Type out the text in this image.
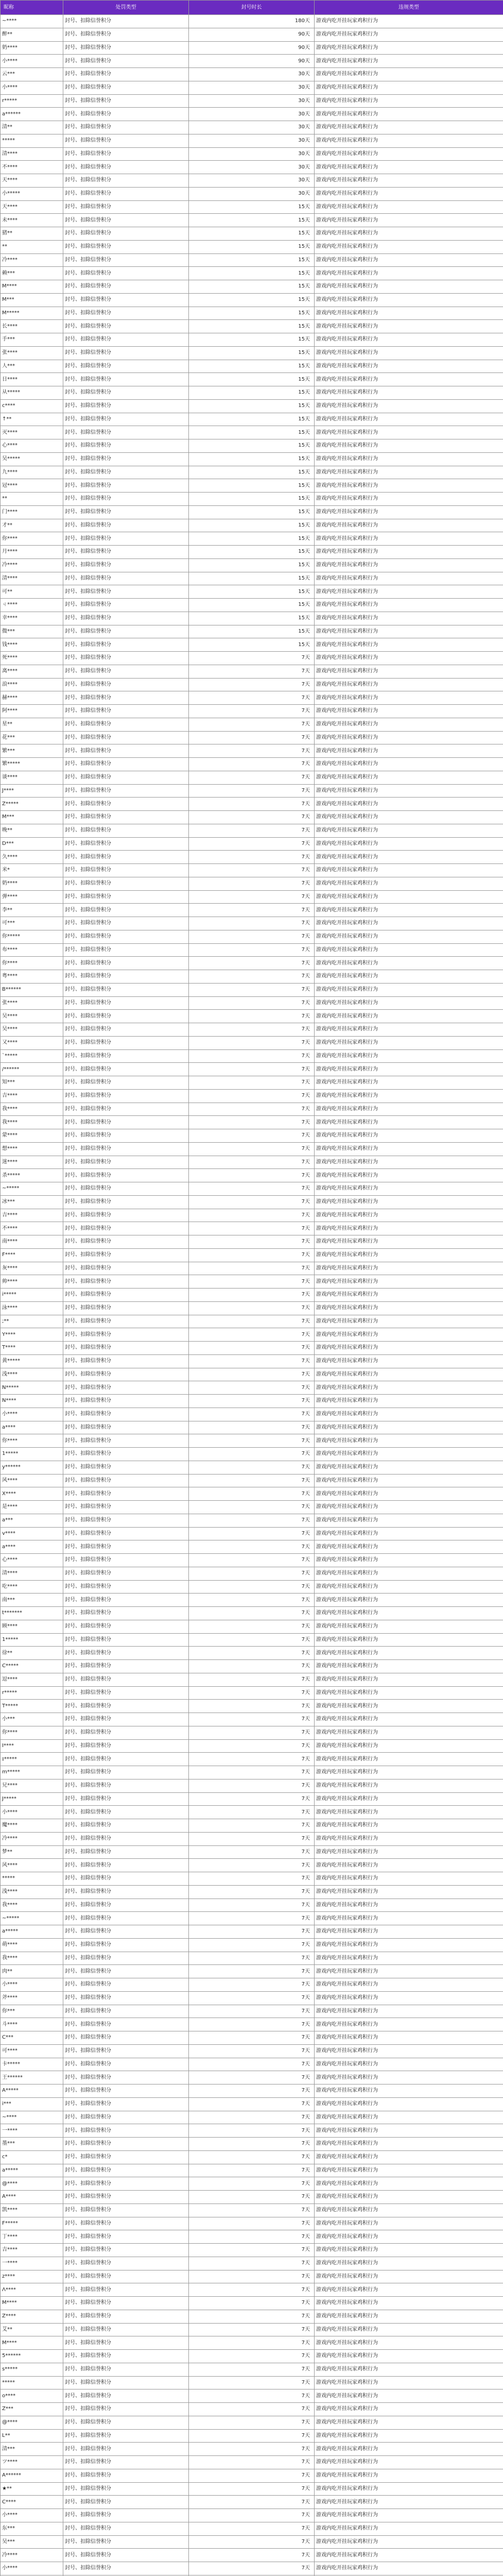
昵称	处罚类型	封号时长	违规类型
~****	封号、扣除信誉积分	180天	游戏内吃开挂玩家鸡积行为
醉**	封号、扣除信誉积分	90天	游戏内吃开挂玩家鸡积行为
奶****	封号、扣除信誉积分	90天	游戏内吃开挂玩家鸡积行为
小****	封号、扣除信誉积分	90天	游戏内吃开挂玩家鸡积行为
云***	封号、扣除信誉积分	30天	游戏内吃开挂玩家鸡积行为
小****	封号、扣除信誉积分	30天	游戏内吃开挂玩家鸡积行为
r*****	封号、扣除信誉积分	30天	游戏内吃开挂玩家鸡积行为
a******	封号、扣除信誉积分	30天	游戏内吃开挂玩家鸡积行为
清**	封号、扣除信誉积分	30天	游戏内吃开挂玩家鸡积行为
*****	封号、扣除信誉积分	30天	游戏内吃开挂玩家鸡积行为
清****	封号、扣除信誉积分	30天	游戏内吃开挂玩家鸡积行为
不****	封号、扣除信誉积分	30天	游戏内吃开挂玩家鸡积行为
天****	封号、扣除信誉积分	30天	游戏内吃开挂玩家鸡积行为
小*****	封号、扣除信誉积分	30天	游戏内吃开挂玩家鸡积行为
天****	封号、扣除信誉积分	15天	游戏内吃开挂玩家鸡积行为
未****	封号、扣除信誉积分	15天	游戏内吃开挂玩家鸡积行为
猪**	封号、扣除信誉积分	15天	游戏内吃开挂玩家鸡积行为
**	封号、扣除信誉积分	15天	游戏内吃开挂玩家鸡积行为
冷****	封号、扣除信誉积分	15天	游戏内吃开挂玩家鸡积行为
赖***	封号、扣除信誉积分	15天	游戏内吃开挂玩家鸡积行为
M****	封号、扣除信誉积分	15天	游戏内吃开挂玩家鸡积行为
M***	封号、扣除信誉积分	15天	游戏内吃开挂玩家鸡积行为
M*****	封号、扣除信誉积分	15天	游戏内吃开挂玩家鸡积行为
长****	封号、扣除信誉积分	15天	游戏内吃开挂玩家鸡积行为
手***	封号、扣除信誉积分	15天	游戏内吃开挂玩家鸡积行为
张****	封号、扣除信誉积分	15天	游戏内吃开挂玩家鸡积行为
人***	封号、扣除信誉积分	15天	游戏内吃开挂玩家鸡积行为
日****	封号、扣除信誉积分	15天	游戏内吃开挂玩家鸡积行为
从*****	封号、扣除信誉积分	15天	游戏内吃开挂玩家鸡积行为
c****	封号、扣除信誉积分	15天	游戏内吃开挂玩家鸡积行为
↑**	封号、扣除信誉积分	15天	游戏内吃开挂玩家鸡积行为
灭****	封号、扣除信誉积分	15天	游戏内吃开挂玩家鸡积行为
心****	封号、扣除信誉积分	15天	游戏内吃开挂玩家鸡积行为
吴*****	封号、扣除信誉积分	15天	游戏内吃开挂玩家鸡积行为
九****	封号、扣除信誉积分	15天	游戏内吃开挂玩家鸡积行为
冠****	封号、扣除信誉积分	15天	游戏内吃开挂玩家鸡积行为
**	封号、扣除信誉积分	15天	游戏内吃开挂玩家鸡积行为
门****	封号、扣除信誉积分	15天	游戏内吃开挂玩家鸡积行为
才**	封号、扣除信誉积分	15天	游戏内吃开挂玩家鸡积行为
你****	封号、扣除信誉积分	15天	游戏内吃开挂玩家鸡积行为
月****	封号、扣除信誉积分	15天	游戏内吃开挂玩家鸡积行为
冷****	封号、扣除信誉积分	15天	游戏内吃开挂玩家鸡积行为
清****	封号、扣除信誉积分	15天	游戏内吃开挂玩家鸡积行为
可**	封号、扣除信誉积分	15天	游戏内吃开挂玩家鸡积行为
ㄐ****	封号、扣除信誉积分	15天	游戏内吃开挂玩家鸡积行为
幸****	封号、扣除信誉积分	15天	游戏内吃开挂玩家鸡积行为
微***	封号、扣除信誉积分	15天	游戏内吃开挂玩家鸡积行为
钱****	封号、扣除信誉积分	15天	游戏内吃开挂玩家鸡积行为
死****	封号、扣除信誉积分	7天	游戏内吃开挂玩家鸡积行为
离****	封号、扣除信誉积分	7天	游戏内吃开挂玩家鸡积行为
浪****	封号、扣除信誉积分	7天	游戏内吃开挂玩家鸡积行为
赫****	封号、扣除信誉积分	7天	游戏内吃开挂玩家鸡积行为
阿****	封号、扣除信誉积分	7天	游戏内吃开挂玩家鸡积行为
星**	封号、扣除信誉积分	7天	游戏内吃开挂玩家鸡积行为
花***	封号、扣除信誉积分	7天	游戏内吃开挂玩家鸡积行为
繁***	封号、扣除信誉积分	7天	游戏内吃开挂玩家鸡积行为
繁*****	封号、扣除信誉积分	7天	游戏内吃开挂玩家鸡积行为
谈****	封号、扣除信誉积分	7天	游戏内吃开挂玩家鸡积行为
J****	封号、扣除信誉积分	7天	游戏内吃开挂玩家鸡积行为
Z*****	封号、扣除信誉积分	7天	游戏内吃开挂玩家鸡积行为
M***	封号、扣除信誉积分	7天	游戏内吃开挂玩家鸡积行为
晚**	封号、扣除信誉积分	7天	游戏内吃开挂玩家鸡积行为
D***	封号、扣除信誉积分	7天	游戏内吃开挂玩家鸡积行为
久****	封号、扣除信誉积分	7天	游戏内吃开挂玩家鸡积行为
米*	封号、扣除信誉积分	7天	游戏内吃开挂玩家鸡积行为
奶****	封号、扣除信誉积分	7天	游戏内吃开挂玩家鸡积行为
弹****	封号、扣除信誉积分	7天	游戏内吃开挂玩家鸡积行为
李**	封号、扣除信誉积分	7天	游戏内吃开挂玩家鸡积行为
可***	封号、扣除信誉积分	7天	游戏内吃开挂玩家鸡积行为
你*****	封号、扣除信誉积分	7天	游戏内吃开挂玩家鸡积行为
布****	封号、扣除信誉积分	7天	游戏内吃开挂玩家鸡积行为
你****	封号、扣除信誉积分	7天	游戏内吃开挂玩家鸡积行为
粤****	封号、扣除信誉积分	7天	游戏内吃开挂玩家鸡积行为
B******	封号、扣除信誉积分	7天	游戏内吃开挂玩家鸡积行为
张****	封号、扣除信誉积分	7天	游戏内吃开挂玩家鸡积行为
吴****	封号、扣除信誉积分	7天	游戏内吃开挂玩家鸡积行为
吴****	封号、扣除信誉积分	7天	游戏内吃开挂玩家鸡积行为
又****	封号、扣除信誉积分	7天	游戏内吃开挂玩家鸡积行为
`*****	封号、扣除信誉积分	7天	游戏内吃开挂玩家鸡积行为
/******	封号、扣除信誉积分	7天	游戏内吃开挂玩家鸡积行为
知***	封号、扣除信誉积分	7天	游戏内吃开挂玩家鸡积行为
吉****	封号、扣除信誉积分	7天	游戏内吃开挂玩家鸡积行为
我****	封号、扣除信誉积分	7天	游戏内吃开挂玩家鸡积行为
我****	封号、扣除信誉积分	7天	游戏内吃开挂玩家鸡积行为
蒙****	封号、扣除信誉积分	7天	游戏内吃开挂玩家鸡积行为
想****	封号、扣除信誉积分	7天	游戏内吃开挂玩家鸡积行为
迷****	封号、扣除信誉积分	7天	游戏内吃开挂玩家鸡积行为
杀*****	封号、扣除信誉积分	7天	游戏内吃开挂玩家鸡积行为
~*****	封号、扣除信誉积分	7天	游戏内吃开挂玩家鸡积行为
冰***	封号、扣除信誉积分	7天	游戏内吃开挂玩家鸡积行为
吉****	封号、扣除信誉积分	7天	游戏内吃开挂玩家鸡积行为
不****	封号、扣除信誉积分	7天	游戏内吃开挂玩家鸡积行为
南****	封号、扣除信誉积分	7天	游戏内吃开挂玩家鸡积行为
F****	封号、扣除信誉积分	7天	游戏内吃开挂玩家鸡积行为
灰****	封号、扣除信誉积分	7天	游戏内吃开挂玩家鸡积行为
帅****	封号、扣除信誉积分	7天	游戏内吃开挂玩家鸡积行为
i*****	封号、扣除信誉积分	7天	游戏内吃开挂玩家鸡积行为
泳****	封号、扣除信誉积分	7天	游戏内吃开挂玩家鸡积行为
;**	封号、扣除信誉积分	7天	游戏内吃开挂玩家鸡积行为
Y****	封号、扣除信誉积分	7天	游戏内吃开挂玩家鸡积行为
T****	封号、扣除信誉积分	7天	游戏内吃开挂玩家鸡积行为
黄*****	封号、扣除信誉积分	7天	游戏内吃开挂玩家鸡积行为
浅****	封号、扣除信誉积分	7天	游戏内吃开挂玩家鸡积行为
N*****	封号、扣除信誉积分	7天	游戏内吃开挂玩家鸡积行为
N****	封号、扣除信誉积分	7天	游戏内吃开挂玩家鸡积行为
小****	封号、扣除信誉积分	7天	游戏内吃开挂玩家鸡积行为
a****	封号、扣除信誉积分	7天	游戏内吃开挂玩家鸡积行为
你****	封号、扣除信誉积分	7天	游戏内吃开挂玩家鸡积行为
1*****	封号、扣除信誉积分	7天	游戏内吃开挂玩家鸡积行为
y******	封号、扣除信誉积分	7天	游戏内吃开挂玩家鸡积行为
风****	封号、扣除信誉积分	7天	游戏内吃开挂玩家鸡积行为
X****	封号、扣除信誉积分	7天	游戏内吃开挂玩家鸡积行为
是****	封号、扣除信誉积分	7天	游戏内吃开挂玩家鸡积行为
a***	封号、扣除信誉积分	7天	游戏内吃开挂玩家鸡积行为
v****	封号、扣除信誉积分	7天	游戏内吃开挂玩家鸡积行为
a****	封号、扣除信誉积分	7天	游戏内吃开挂玩家鸡积行为
心****	封号、扣除信誉积分	7天	游戏内吃开挂玩家鸡积行为
清****	封号、扣除信誉积分	7天	游戏内吃开挂玩家鸡积行为
吃****	封号、扣除信誉积分	7天	游戏内吃开挂玩家鸡积行为
南***	封号、扣除信誉积分	7天	游戏内吃开挂玩家鸡积行为
t*******	封号、扣除信誉积分	7天	游戏内吃开挂玩家鸡积行为
顾****	封号、扣除信誉积分	7天	游戏内吃开挂玩家鸡积行为
1*****	封号、扣除信誉积分	7天	游戏内吃开挂玩家鸡积行为
徐**	封号、扣除信誉积分	7天	游戏内吃开挂玩家鸡积行为
C*****	封号、扣除信誉积分	7天	游戏内吃开挂玩家鸡积行为
逗****	封号、扣除信誉积分	7天	游戏内吃开挂玩家鸡积行为
r*****	封号、扣除信誉积分	7天	游戏内吃开挂玩家鸡积行为
T*****	封号、扣除信誉积分	7天	游戏内吃开挂玩家鸡积行为
小***	封号、扣除信誉积分	7天	游戏内吃开挂玩家鸡积行为
你****	封号、扣除信誉积分	7天	游戏内吃开挂玩家鸡积行为
I****	封号、扣除信誉积分	7天	游戏内吃开挂玩家鸡积行为
ɪ*****	封号、扣除信誉积分	7天	游戏内吃开挂玩家鸡积行为
m*****	封号、扣除信誉积分	7天	游戏内吃开挂玩家鸡积行为
兄****	封号、扣除信誉积分	7天	游戏内吃开挂玩家鸡积行为
J*****	封号、扣除信誉积分	7天	游戏内吃开挂玩家鸡积行为
小****	封号、扣除信誉积分	7天	游戏内吃开挂玩家鸡积行为
魔****	封号、扣除信誉积分	7天	游戏内吃开挂玩家鸡积行为
冷****	封号、扣除信誉积分	7天	游戏内吃开挂玩家鸡积行为
梦**	封号、扣除信誉积分	7天	游戏内吃开挂玩家鸡积行为
风****	封号、扣除信誉积分	7天	游戏内吃开挂玩家鸡积行为
*****	封号、扣除信誉积分	7天	游戏内吃开挂玩家鸡积行为
浅****	封号、扣除信誉积分	7天	游戏内吃开挂玩家鸡积行为
我****	封号、扣除信誉积分	7天	游戏内吃开挂玩家鸡积行为
~*****	封号、扣除信誉积分	7天	游戏内吃开挂玩家鸡积行为
a*****	封号、扣除信誉积分	7天	游戏内吃开挂玩家鸡积行为
萌****	封号、扣除信誉积分	7天	游戏内吃开挂玩家鸡积行为
我****	封号、扣除信誉积分	7天	游戏内吃开挂玩家鸡积行为
肉**	封号、扣除信誉积分	7天	游戏内吃开挂玩家鸡积行为
小****	封号、扣除信誉积分	7天	游戏内吃开挂玩家鸡积行为
斧****	封号、扣除信誉积分	7天	游戏内吃开挂玩家鸡积行为
你***	封号、扣除信誉积分	7天	游戏内吃开挂玩家鸡积行为
斗****	封号、扣除信誉积分	7天	游戏内吃开挂玩家鸡积行为
C***	封号、扣除信誉积分	7天	游戏内吃开挂玩家鸡积行为
可****	封号、扣除信誉积分	7天	游戏内吃开挂玩家鸡积行为
卡*****	封号、扣除信誉积分	7天	游戏内吃开挂玩家鸡积行为
王******	封号、扣除信誉积分	7天	游戏内吃开挂玩家鸡积行为
A*****	封号、扣除信誉积分	7天	游戏内吃开挂玩家鸡积行为
i***	封号、扣除信誉积分	7天	游戏内吃开挂玩家鸡积行为
~****	封号、扣除信誉积分	7天	游戏内吃开挂玩家鸡积行为
一****	封号、扣除信誉积分	7天	游戏内吃开挂玩家鸡积行为
墨***	封号、扣除信誉积分	7天	游戏内吃开挂玩家鸡积行为
c*	封号、扣除信誉积分	7天	游戏内吃开挂玩家鸡积行为
a*****	封号、扣除信誉积分	7天	游戏内吃开挂玩家鸡积行为
@****	封号、扣除信誉积分	7天	游戏内吃开挂玩家鸡积行为
A****	封号、扣除信誉积分	7天	游戏内吃开挂玩家鸡积行为
凯****	封号、扣除信誉积分	7天	游戏内吃开挂玩家鸡积行为
F*****	封号、扣除信誉积分	7天	游戏内吃开挂玩家鸡积行为
丁****	封号、扣除信誉积分	7天	游戏内吃开挂玩家鸡积行为
吉****	封号、扣除信誉积分	7天	游戏内吃开挂玩家鸡积行为
一****	封号、扣除信誉积分	7天	游戏内吃开挂玩家鸡积行为
z****	封号、扣除信誉积分	7天	游戏内吃开挂玩家鸡积行为
Λ****	封号、扣除信誉积分	7天	游戏内吃开挂玩家鸡积行为
M****	封号、扣除信誉积分	7天	游戏内吃开挂玩家鸡积行为
Z****	封号、扣除信誉积分	7天	游戏内吃开挂玩家鸡积行为
艾**	封号、扣除信誉积分	7天	游戏内吃开挂玩家鸡积行为
M****	封号、扣除信誉积分	7天	游戏内吃开挂玩家鸡积行为
5******	封号、扣除信誉积分	7天	游戏内吃开挂玩家鸡积行为
s*****	封号、扣除信誉积分	7天	游戏内吃开挂玩家鸡积行为
*****	封号、扣除信誉积分	7天	游戏内吃开挂玩家鸡积行为
o****	封号、扣除信誉积分	7天	游戏内吃开挂玩家鸡积行为
Z***	封号、扣除信誉积分	7天	游戏内吃开挂玩家鸡积行为
@****	封号、扣除信誉积分	7天	游戏内吃开挂玩家鸡积行为
L**	封号、扣除信誉积分	7天	游戏内吃开挂玩家鸡积行为
清***	封号、扣除信誉积分	7天	游戏内吃开挂玩家鸡积行为
ツ****	封号、扣除信誉积分	7天	游戏内吃开挂玩家鸡积行为
A******	封号、扣除信誉积分	7天	游戏内吃开挂玩家鸡积行为
★**	封号、扣除信誉积分	7天	游戏内吃开挂玩家鸡积行为
C****	封号、扣除信誉积分	7天	游戏内吃开挂玩家鸡积行为
小****	封号、扣除信誉积分	7天	游戏内吃开挂玩家鸡积行为
东***	封号、扣除信誉积分	7天	游戏内吃开挂玩家鸡积行为
吴***	封号、扣除信誉积分	7天	游戏内吃开挂玩家鸡积行为
冷****	封号、扣除信誉积分	7天	游戏内吃开挂玩家鸡积行为
小****	封号、扣除信誉积分	7天	游戏内吃开挂玩家鸡积行为
